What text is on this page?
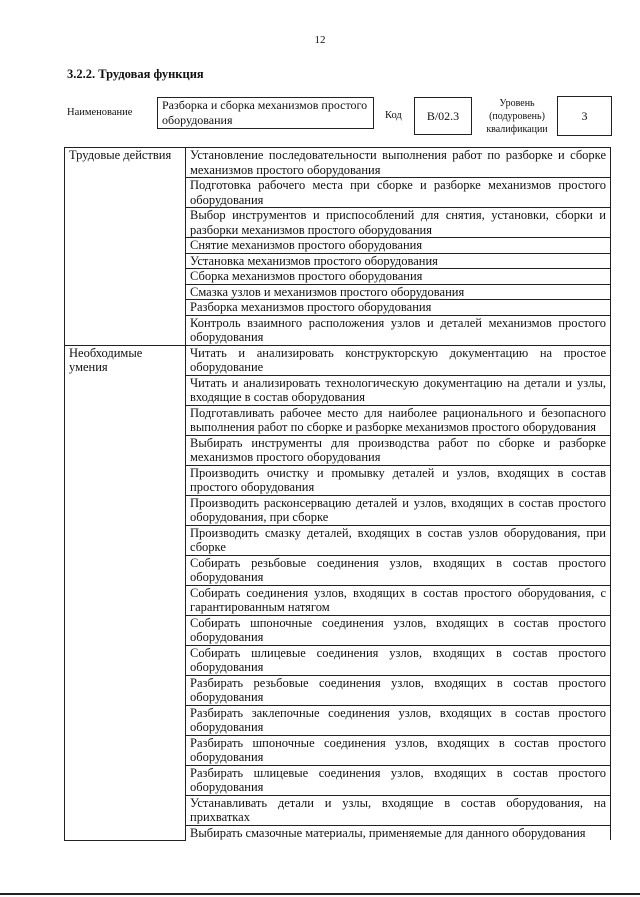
12
3.2.2. Трудовая функция
Наименование
Разборка и сборка механизмов простого оборудования	Код	В/02.3
Уровень (подуровень) квалификации
3
Трудовые действия	Установление последовательности выполнения работ по разборке и сборке механизмов простого оборудования
	Подготовка рабочего места при сборке и разборке механизмов простого оборудования
	Выбор инструментов и приспособлений для снятия, установки, сборки и разборки механизмов простого оборудования
	Снятие механизмов простого оборудования
	Установка механизмов простого оборудования
	Сборка механизмов простого оборудования
	Смазка узлов и механизмов простого оборудования
	Разборка механизмов простого оборудования
	Контроль взаимного расположения узлов и деталей механизмов простого оборудования
Необходимые умения	Читать и анализировать конструкторскую документацию на простое оборудование
	Читать и анализировать технологическую документацию на детали и узлы, входящие в состав оборудования
	Подготавливать рабочее место для наиболее рационального и безопасного выполнения работ по сборке и разборке механизмов простого оборудования
	Выбирать инструменты для производства работ по сборке и разборке механизмов простого оборудования
	Производить очистку и промывку деталей и узлов, входящих в состав простого оборудования
	Производить расконсервацию деталей и узлов, входящих в состав простого оборудования, при сборке
	Производить смазку деталей, входящих в состав узлов оборудования, при сборке
	Собирать резьбовые соединения узлов, входящих в состав простого оборудования
	Собирать соединения узлов, входящих в состав простого оборудования, с гарантированным натягом
	Собирать шпоночные соединения узлов, входящих в состав простого оборудования
	Собирать шлицевые соединения узлов, входящих в состав простого оборудования
	Разбирать резьбовые соединения узлов, входящих в состав простого оборудования
	Разбирать заклепочные соединения узлов, входящих в состав простого оборудования
	Разбирать шпоночные соединения узлов, входящих в состав простого оборудования
	Разбирать шлицевые соединения узлов, входящих в состав простого оборудования
	Устанавливать детали и узлы, входящие в состав оборудования, на прихватках
	Выбирать смазочные материалы, применяемые для данного оборудования
